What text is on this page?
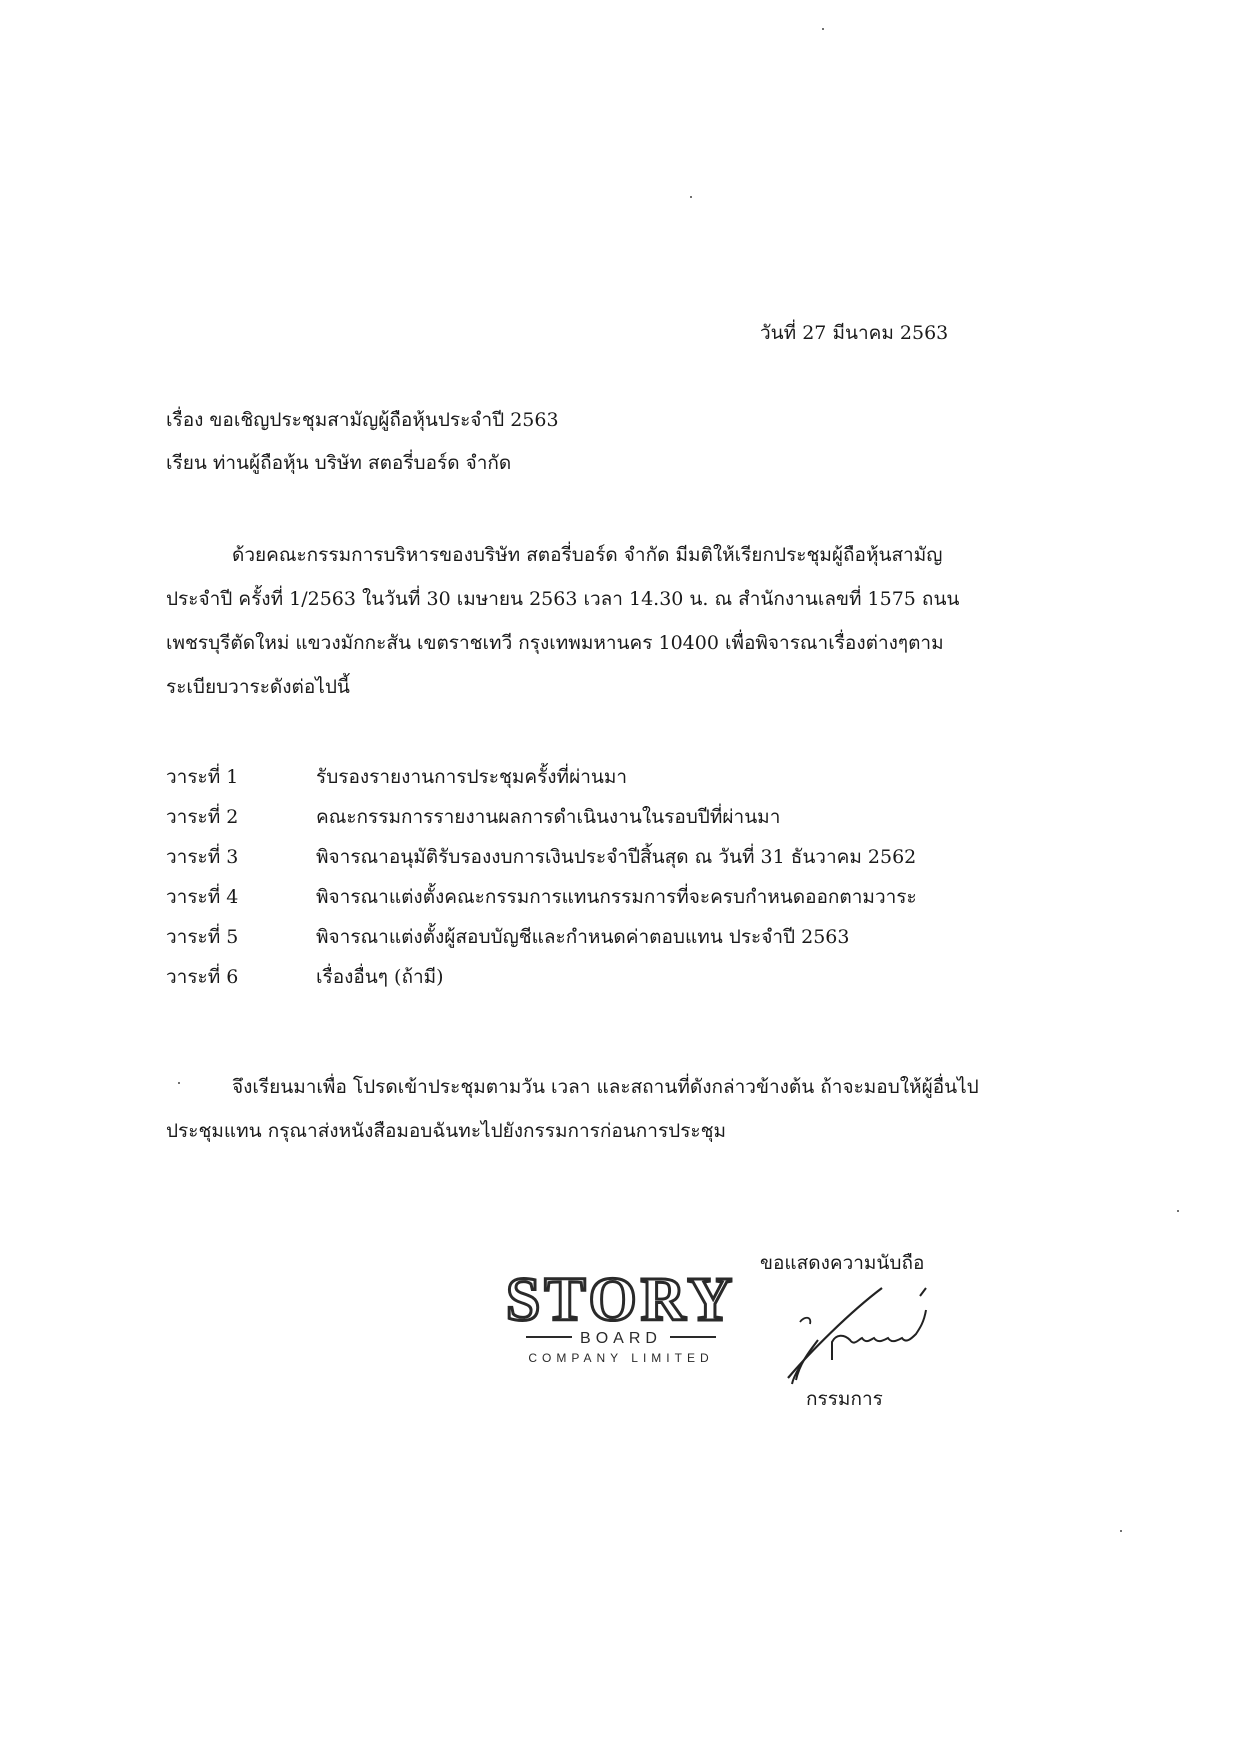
วันที่ 27 มีนาคม 2563
เรื่อง ขอเชิญประชุมสามัญผู้ถือหุ้นประจำปี 2563
เรียน ท่านผู้ถือหุ้น บริษัท สตอรี่บอร์ด จำกัด
ด้วยคณะกรรมการบริหารของบริษัท สตอรี่บอร์ด จำกัด มีมติให้เรียกประชุมผู้ถือหุ้นสามัญ
ประจำปี ครั้งที่ 1/2563 ในวันที่ 30 เมษายน 2563 เวลา 14.30 น. ณ สำนักงานเลขที่ 1575 ถนน
เพชรบุรีตัดใหม่ แขวงมักกะสัน เขตราชเทวี กรุงเทพมหานคร 10400 เพื่อพิจารณาเรื่องต่างๆตาม
ระเบียบวาระดังต่อไปนี้
วาระที่ 1	รับรองรายงานการประชุมครั้งที่ผ่านมา
วาระที่ 2	คณะกรรมการรายงานผลการดำเนินงานในรอบปีที่ผ่านมา
วาระที่ 3	พิจารณาอนุมัติรับรองงบการเงินประจำปีสิ้นสุด ณ วันที่ 31 ธันวาคม 2562
วาระที่ 4	พิจารณาแต่งตั้งคณะกรรมการแทนกรรมการที่จะครบกำหนดออกตามวาระ
วาระที่ 5	พิจารณาแต่งตั้งผู้สอบบัญชีและกำหนดค่าตอบแทน ประจำปี 2563
วาระที่ 6	เรื่องอื่นๆ (ถ้ามี)
จึงเรียนมาเพื่อ โปรดเข้าประชุมตามวัน เวลา และสถานที่ดังกล่าวข้างต้น ถ้าจะมอบให้ผู้อื่นไป
ประชุมแทน กรุณาส่งหนังสือมอบฉันทะไปยังกรรมการก่อนการประชุม
ขอแสดงความนับถือ
STORY
BOARD
COMPANY LIMITED
กรรมการ
